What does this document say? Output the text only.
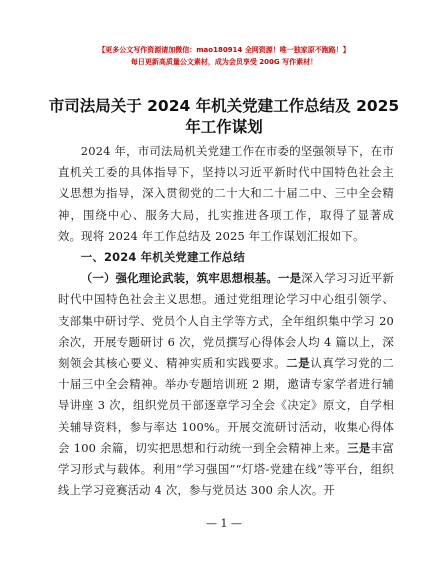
【更多公文写作资源请加微信：mao180914 全网资源！唯一独家原不跑路！】
每日更新高质量公文素材，成为会员享受 200G 写作素材！
市司法局关于 2024 年机关党建工作总结及 2025 年工作谋划

2024 年，市司法局机关党建工作在市委的坚强领导下，在市直机关工委的具体指导下，坚持以习近平新时代中国特色社会主义思想为指导，深入贯彻党的二十大和二十届二中、三中全会精神，围绕中心、服务大局，扎实推进各项工作，取得了显著成效。现将 2024 年工作总结及 2025 年工作谋划汇报如下。

一、2024 年机关党建工作总结

（一）强化理论武装，筑牢思想根基。一是深入学习习近平新时代中国特色社会主义思想。通过党组理论学习中心组引领学、支部集中研讨学、党员个人自主学等方式，全年组织集中学习 20 余次，开展专题研讨 6 次，党员撰写心得体会人均 4 篇以上，深刻领会其核心要义、精神实质和实践要求。二是认真学习党的二十届三中全会精神。举办专题培训班 2 期，邀请专家学者进行辅导讲座 3 次，组织党员干部逐章学习全会《决定》原文，自学相关辅导资料，参与率达 100%。开展交流研讨活动，收集心得体会 100 余篇，切实把思想和行动统一到全会精神上来。三是丰富学习形式与载体。利用“学习强国”“灯塔-党建在线”等平台，组织线上学习竞赛活动 4 次，参与党员达 300 余人次。开

— 1 —
